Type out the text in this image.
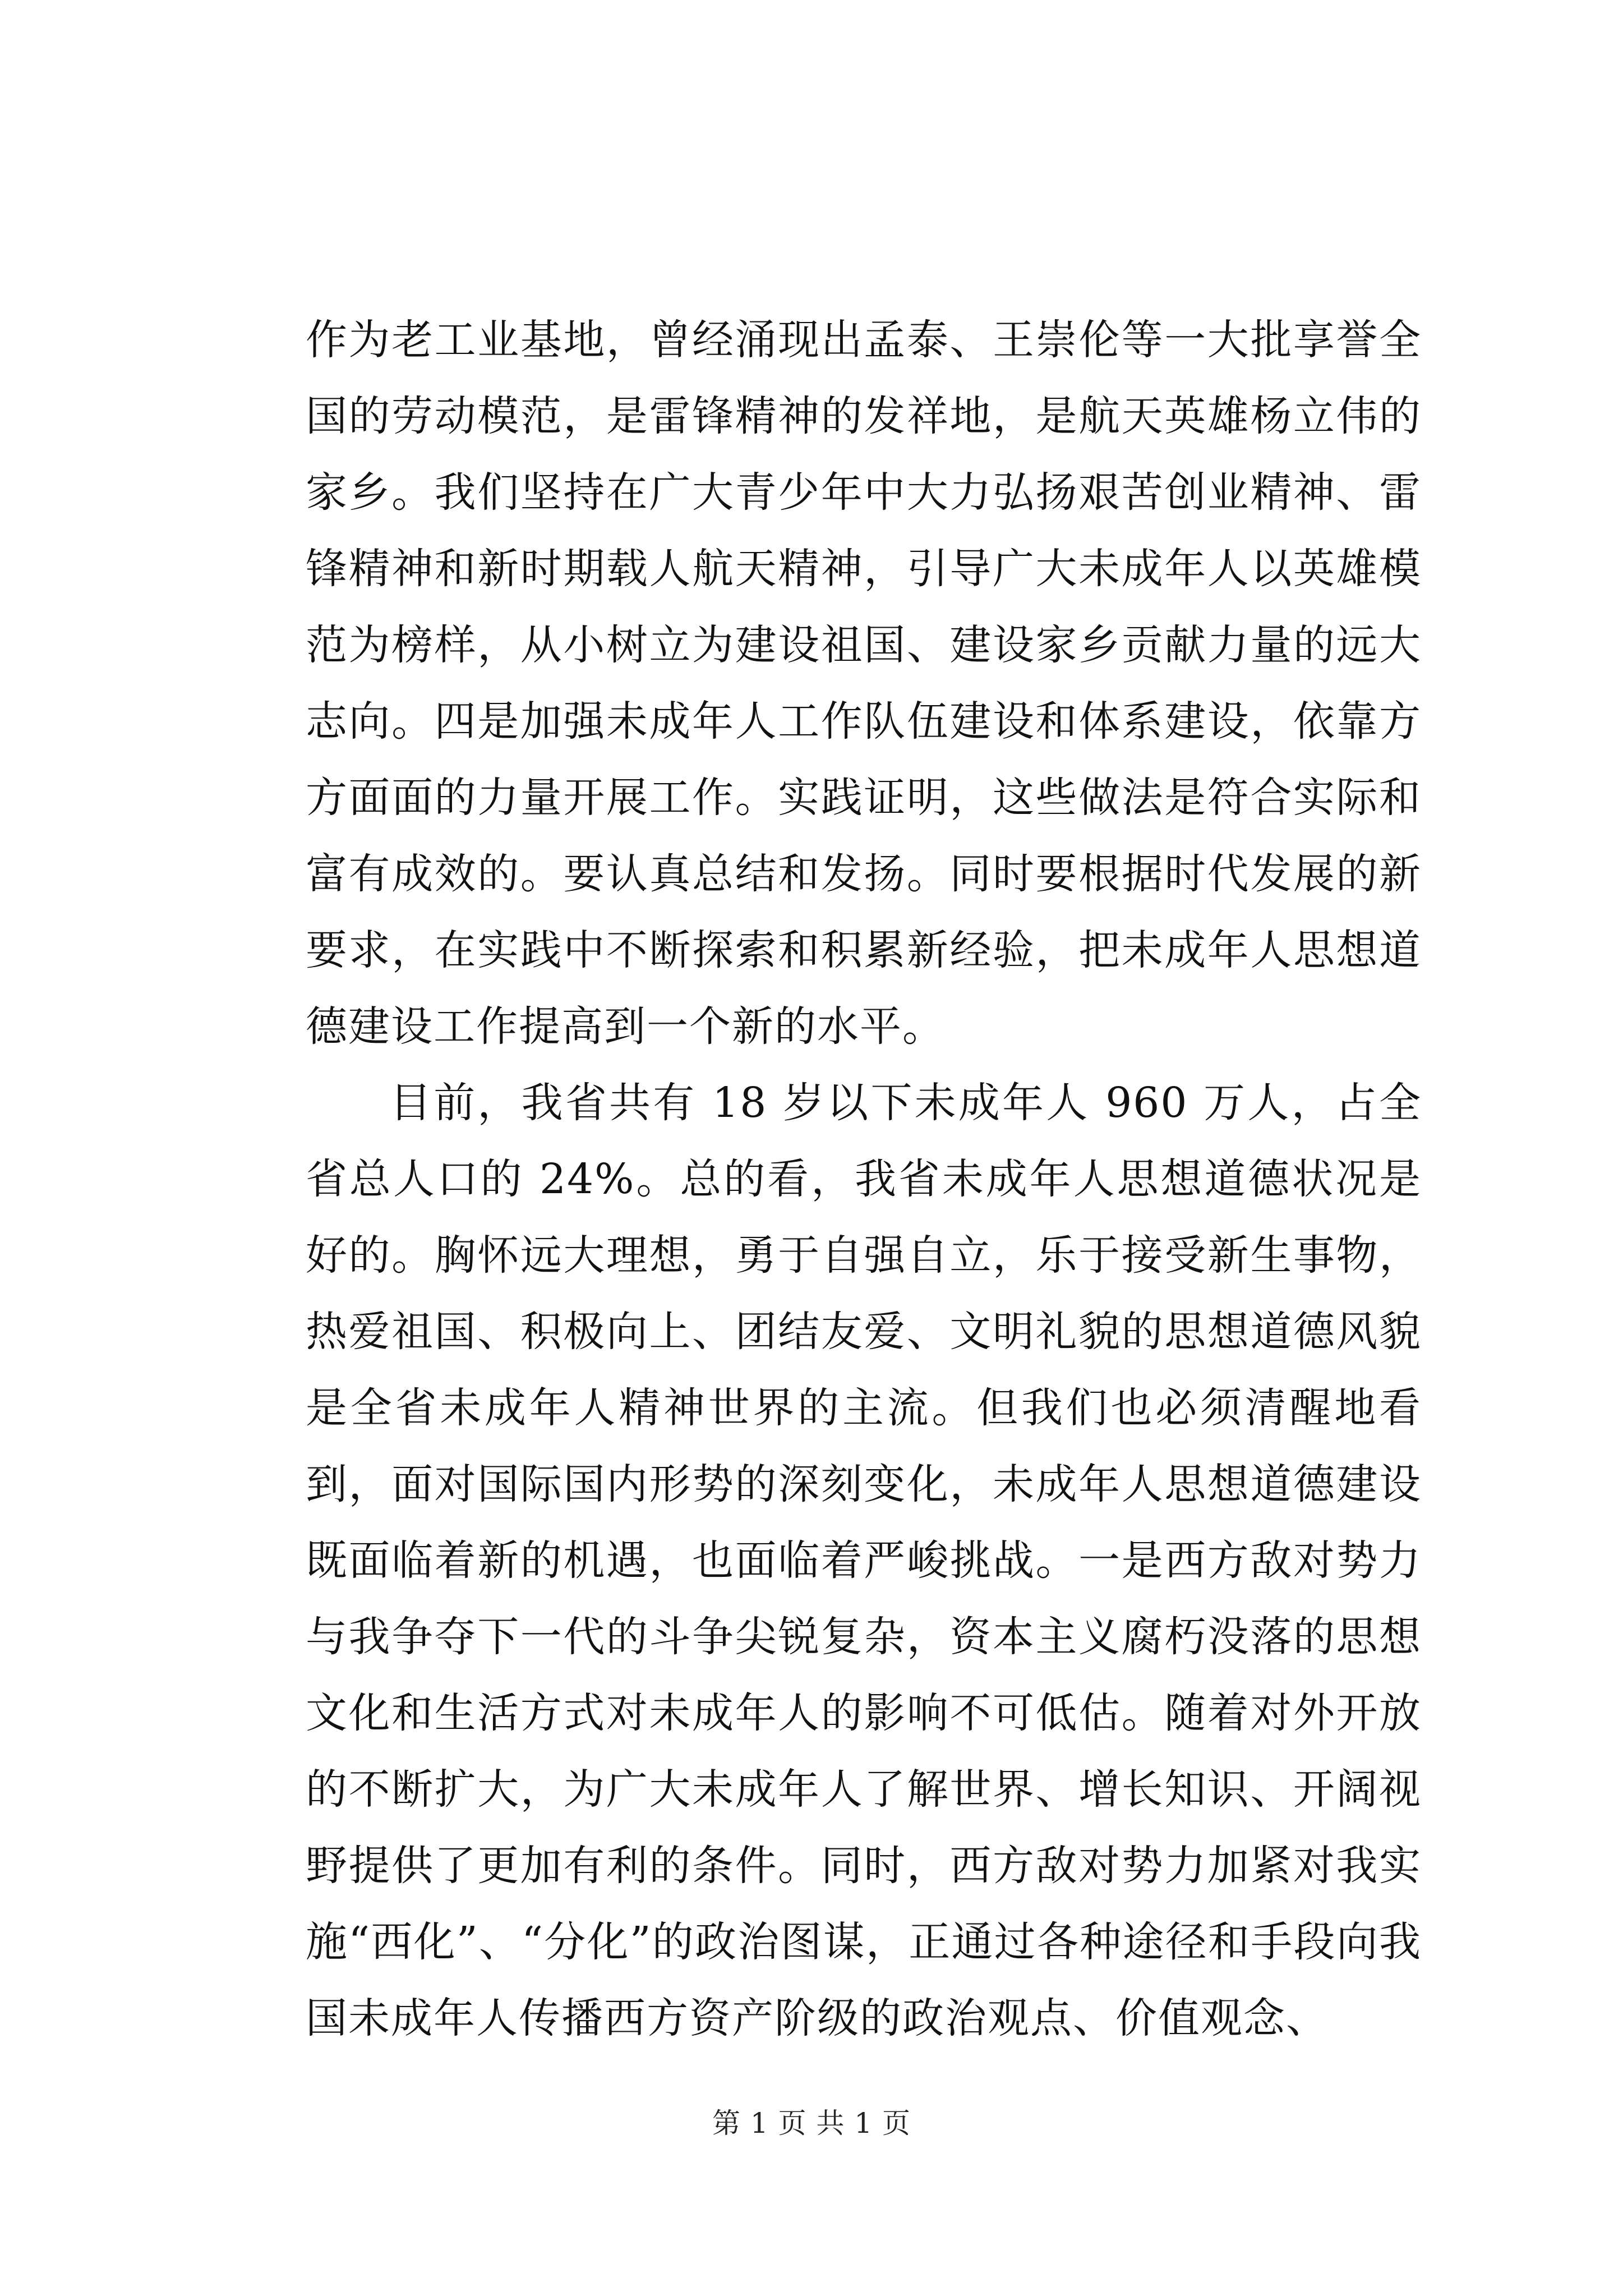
作为老工业基地，曾经涌现出孟泰、王崇伦等一大批享誉全国的劳动模范，是雷锋精神的发祥地，是航天英雄杨立伟的家乡。我们坚持在广大青少年中大力弘扬艰苦创业精神、雷锋精神和新时期载人航天精神，引导广大未成年人以英雄模范为榜样，从小树立为建设祖国、建设家乡贡献力量的远大志向。四是加强未成年人工作队伍建设和体系建设，依靠方方面面的力量开展工作。实践证明，这些做法是符合实际和富有成效的。要认真总结和发扬。同时要根据时代发展的新要求，在实践中不断探索和积累新经验，把未成年人思想道德建设工作提高到一个新的水平。

目前，我省共有 18 岁以下未成年人 960 万人，占全省总人口的 24%。总的看，我省未成年人思想道德状况是好的。胸怀远大理想，勇于自强自立，乐于接受新生事物，热爱祖国、积极向上、团结友爱、文明礼貌的思想道德风貌是全省未成年人精神世界的主流。但我们也必须清醒地看到，面对国际国内形势的深刻变化，未成年人思想道德建设既面临着新的机遇，也面临着严峻挑战。一是西方敌对势力与我争夺下一代的斗争尖锐复杂，资本主义腐朽没落的思想文化和生活方式对未成年人的影响不可低估。随着对外开放的不断扩大，为广大未成年人了解世界、增长知识、开阔视野提供了更加有利的条件。同时，西方敌对势力加紧对我实施“西化”、“分化”的政治图谋，正通过各种途径和手段向我国未成年人传播西方资产阶级的政治观点、价值观念、

第 1 页 共 1 页
